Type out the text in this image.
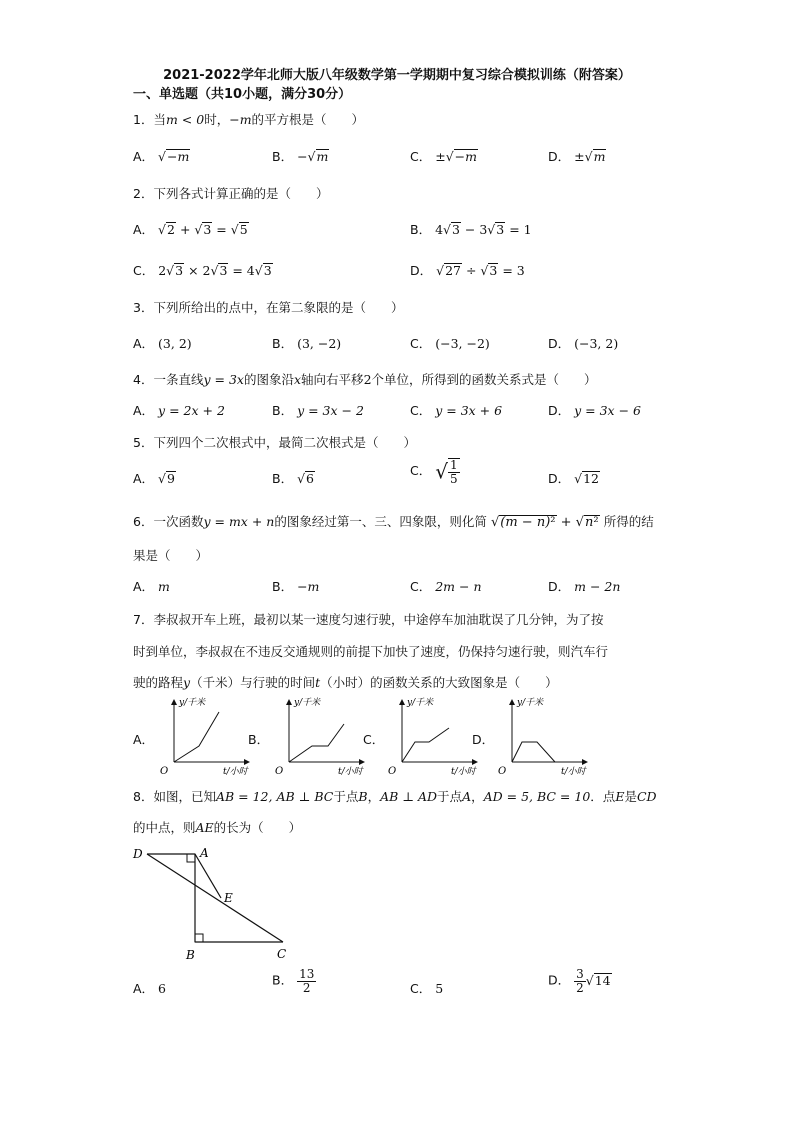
2021-2022学年北师大版八年级数学第一学期期中复习综合模拟训练（附答案）
一、单选题（共10小题，满分30分）
1．当m < 0时，−m的平方根是（　　）
A． √−m	B． −√m	C． ±√−m	D． ±√m
2．下列各式计算正确的是（　　）
A． √2 + √3 = √5	B． 4√3 − 3√3 = 1
C． 2√3 × 2√3 = 4√3	D． √27 ÷ √3 = 3
3．下列所给出的点中，在第二象限的是（　　）
A． (3, 2)	B． (3, −2)	C． (−3, −2)	D． (−3, 2)
4．一条直线y = 3x的图象沿x轴向右平移2个单位，所得到的函数关系式是（　　）
A． y = 2x + 2	B． y = 3x − 2	C． y = 3x + 6	D． y = 3x − 6
5．下列四个二次根式中，最简二次根式是（　　）
A． √9	B． √6
C． √ $\frac{1}{5}$	D． √12
6．一次函数y = mx + n的图象经过第一、三、四象限，则化简 √(m − n)² + √n² 所得的结
果是（　　）
A． m	B． −m	C． 2m − n	D． m − 2n
7．李叔叔开车上班，最初以某一速度匀速行驶，中途停车加油耽误了几分钟，为了按
时到单位，李叔叔在不违反交通规则的前提下加快了速度，仍保持匀速行驶，则汽车行
驶的路程y（千米）与行驶的时间t（小时）的函数关系的大致图象是（　　）
A．	B．	C．	D．
y/千米
O	t/小时
y/千米
O	t/小时
y/千米
O	t/小时
y/千米
O	t/小时
8．如图，已知AB = 12, AB ⊥ BC于点B，AB ⊥ AD于点A，AD = 5, BC = 10．点E是CD
的中点，则AE的长为（　　）
D	A
E
B	C
A． 6
B． $\frac{13}{2}$	C． 5
D． $\frac{3}{2} √14$
